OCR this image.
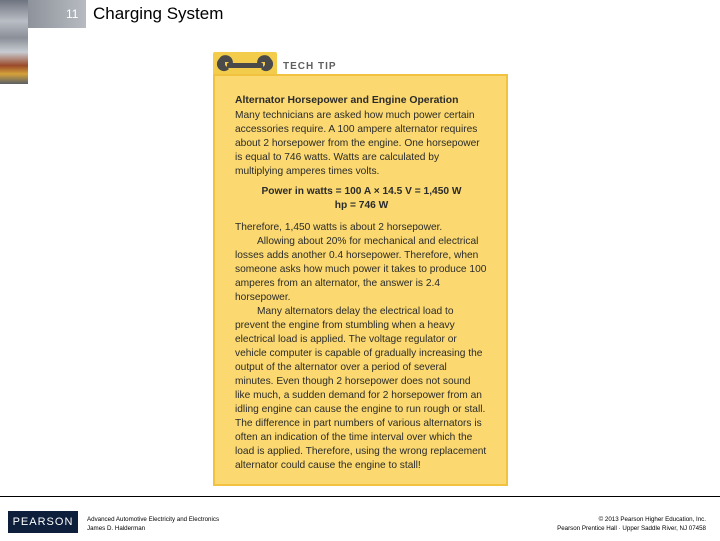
11 Charging System
TECH TIP
Alternator Horsepower and Engine Operation

Many technicians are asked how much power certain accessories require. A 100 ampere alternator requires about 2 horsepower from the engine. One horsepower is equal to 746 watts. Watts are calculated by multiplying amperes times volts.

Power in watts = 100 A × 14.5 V = 1,450 W
hp = 746 W

Therefore, 1,450 watts is about 2 horsepower.

Allowing about 20% for mechanical and electrical losses adds another 0.4 horsepower. Therefore, when someone asks how much power it takes to produce 100 amperes from an alternator, the answer is 2.4 horsepower.

Many alternators delay the electrical load to prevent the engine from stumbling when a heavy electrical load is applied. The voltage regulator or vehicle computer is capable of gradually increasing the output of the alternator over a period of several minutes. Even though 2 horsepower does not sound like much, a sudden demand for 2 horsepower from an idling engine can cause the engine to run rough or stall. The difference in part numbers of various alternators is often an indication of the time interval over which the load is applied. Therefore, using the wrong replacement alternator could cause the engine to stall!

PEARSON	Advanced Automotive Electricity and Electronics
James D. Halderman
© 2013 Pearson Higher Education, Inc.
Pearson Prentice Hall · Upper Saddle River, NJ 07458
